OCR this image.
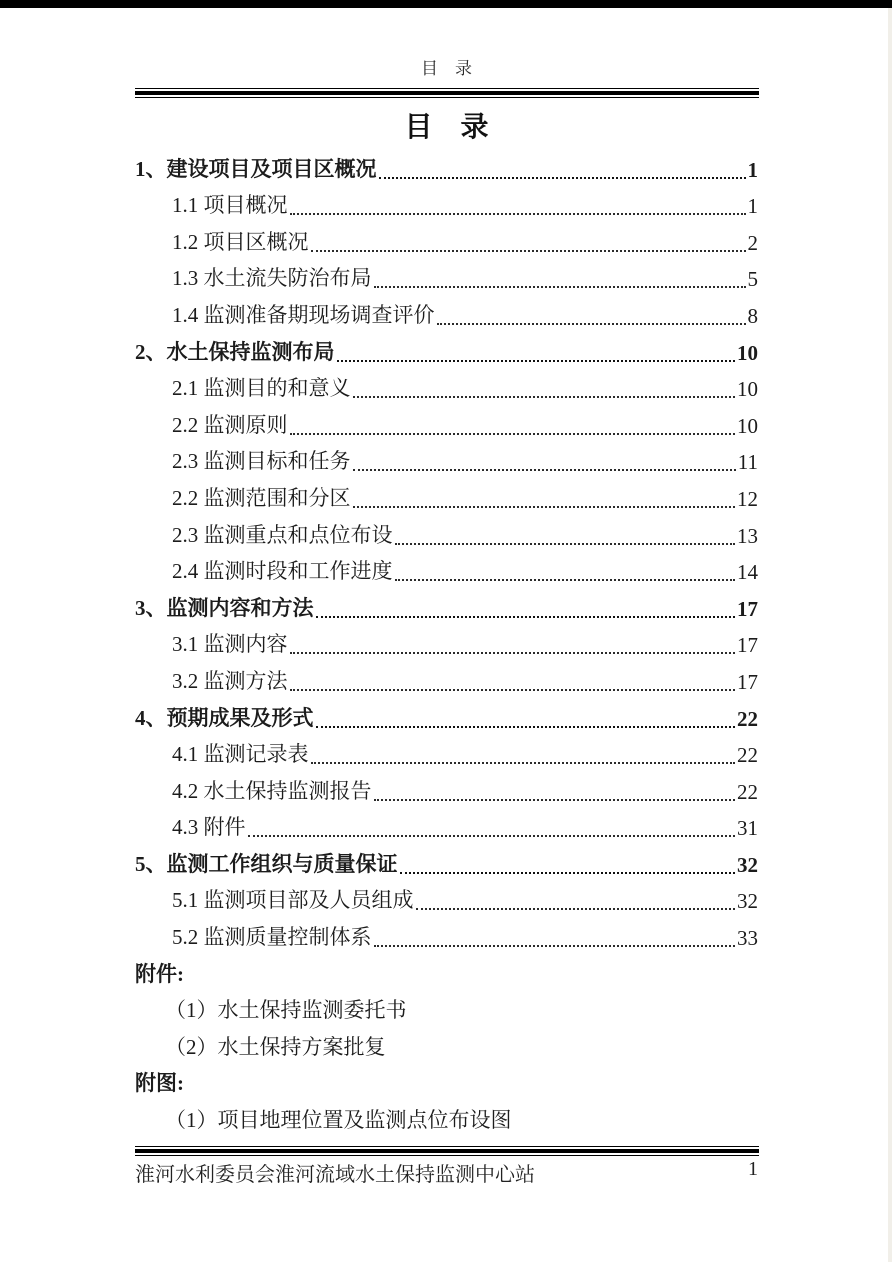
目　录
目　录
1、建设项目及项目区概况	1
1.1 项目概况	1
1.2 项目区概况	2
1.3 水土流失防治布局	5
1.4 监测准备期现场调查评价	8
2、水土保持监测布局	10
2.1 监测目的和意义	10
2.2 监测原则	10
2.3 监测目标和任务	11
2.2 监测范围和分区	12
2.3 监测重点和点位布设	13
2.4 监测时段和工作进度	14
3、监测内容和方法	17
3.1 监测内容	17
3.2 监测方法	17
4、预期成果及形式	22
4.1 监测记录表	22
4.2 水土保持监测报告	22
4.3 附件	31
5、监测工作组织与质量保证	32
5.1 监测项目部及人员组成	32
5.2 监测质量控制体系	33
附件:
（1）水土保持监测委托书
（2）水土保持方案批复
附图:
（1）项目地理位置及监测点位布设图
淮河水利委员会淮河流域水土保持监测中心站	1
